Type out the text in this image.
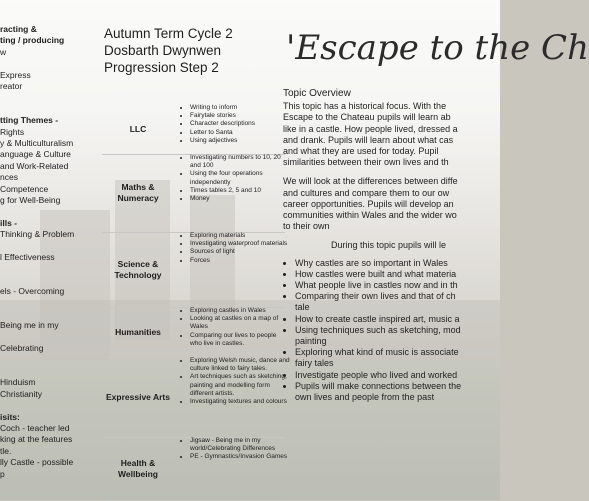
racting &
ting / producing
w
Express
reator
tting Themes -
Rights
y & Multiculturalism
anguage & Culture
and Work-Related
nces
Competence
g for Well-Being
ills -
Thinking & Problem
l Effectiveness
els - Overcoming
Being me in my
Celebrating
Hinduism
Christianity
isits:
Coch - teacher led
king at the features
tle.
lly Castle - possible
p
Autumn Term Cycle 2
Dosbarth Dwynwen
Progression Step 2	'Escape to the Ch
LLC
• Writing to inform
• Fairytale stories
• Character descriptions
• Letter to Santa
• Using adjectives
Maths & Numeracy
• Investigating numbers to 10, 20 and 100
• Using the four operations independently
• Times tables 2, 5 and 10
• Money
Science & Technology
• Exploring materials
• Investigating waterproof materials
• Sources of light
• Forces
Humanities
• Exploring castles in Wales
• Looking at castles on a map of Wales
• Comparing our lives to people who live in castles.
Expressive Arts
• Exploring Welsh music, dance and culture linked to fairy tales.
• Art techniques such as sketching, painting and modelling form different artists.
• Investigating textures and colours
Health & Wellbeing
• Jigsaw - Being me in my world/Celebrating Differences
• PE - Gymnastics/Invasion Games
Topic Overview
This topic has a historical focus. With the
Escape to the Chateau pupils will learn ab
like in a castle. How people lived, dressed a
and drank. Pupils will learn about what cas
and what they are used for today. Pupil
similarities between their own lives and th
We will look at the differences between diffe
and cultures and compare them to our ow
career opportunities. Pupils will develop an
communities within Wales and the wider wo
to their own
During this topic pupils will le
• Why castles are so important in Wales
• How castles were built and what materia
• What people live in castles now and in th
• Comparing their own lives and that of ch
tale
• How to create castle inspired art, music a
• Using techniques such as sketching, mod
painting
• Exploring what kind of music is associate
fairy tales
• Investigate people who lived and worked
• Pupils will make connections between the
own lives and people from the past
